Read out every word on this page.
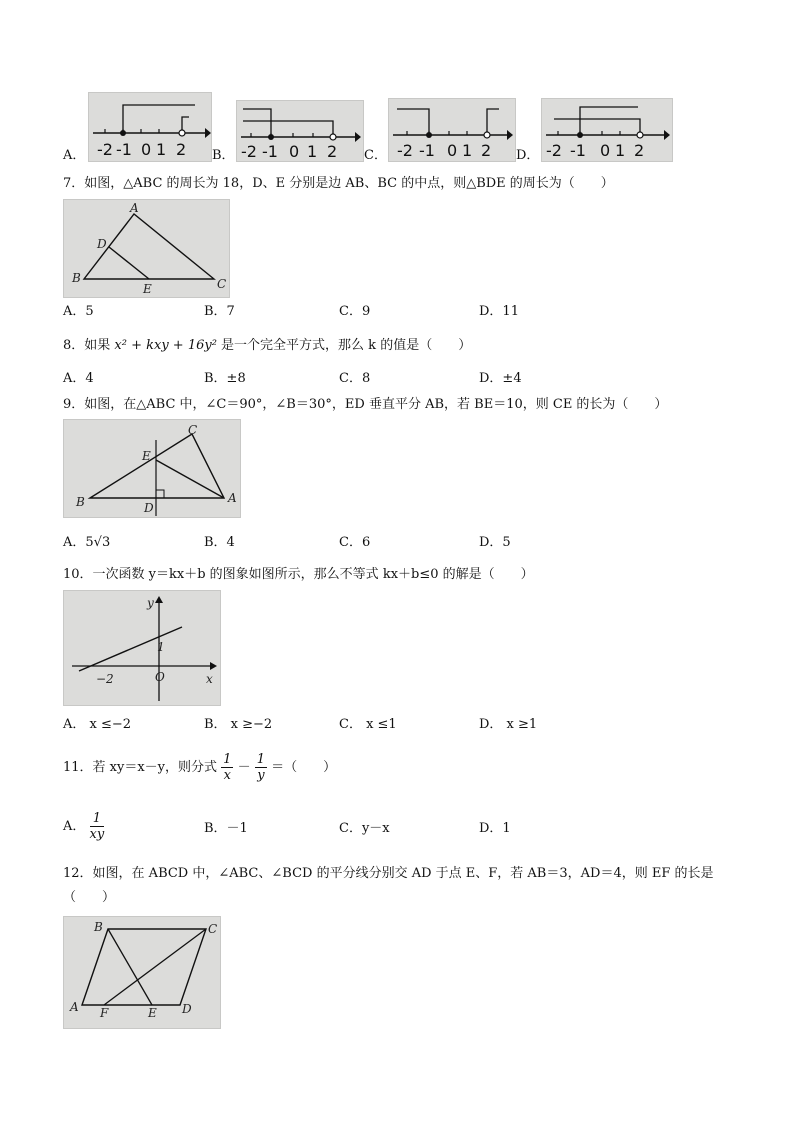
A． -2 -1 0 1 2 B． -2 -1 0 1 2 C． -2 -1 0 1 2 D． -2 -1 0 1 2
7．如图，△ABC 的周长为 18，D、E 分别是边 AB、BC 的中点，则△BDE 的周长为（　　）
A
B	C
D
E
A．5	B．7	C．9	D．11
8．如果 x² + kxy + 16y² 是一个完全平方式，那么 k 的值是（　　）
A．4	B．±8	C．8	D．±4
9．如图，在△ABC 中，∠C＝90°，∠B＝30°，ED 垂直平分 AB，若 BE＝10，则 CE 的长为（　　）
A
B
C
D
E
A．5√3	B．4	C．6	D．5
10．一次函数 y＝kx＋b 的图象如图所示，那么不等式 kx＋b≤0 的解是（　　）
y
x
1
O
−2
A． x ≤−2	B． x ≥−2	C． x ≤1	D． x ≥1
11．若 xy＝x－y，则分式 $\frac{1}{x} - \frac{1}{y}$ ＝（　　）
A． $\frac{1}{xy}$	B．－1	C．y－x	D．1
12．如图，在 ABCD 中，∠ABC、∠BCD 的平分线分别交 AD 于点 E、F，若 AB＝3，AD＝4，则 EF 的长是
（　　）
A
B	C
D
E
F
